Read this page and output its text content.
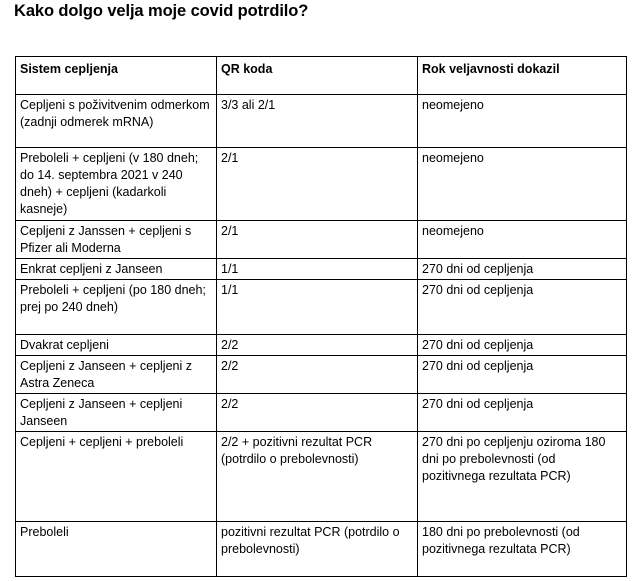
Kako dolgo velja moje covid potrdilo?
Sistem cepljenja	QR koda	Rok veljavnosti dokazil
Cepljeni s poživitvenim odmerkom (zadnji odmerek mRNA)	3/3 ali 2/1	neomejeno
Preboleli + cepljeni (v 180 dneh; do 14. septembra 2021 v 240 dneh) + cepljeni (kadarkoli kasneje)	2/1	neomejeno
Cepljeni z Janssen + cepljeni s Pfizer ali Moderna	2/1	neomejeno
Enkrat cepljeni z Janseen	1/1	270 dni od cepljenja
Preboleli + cepljeni (po 180 dneh; prej po 240 dneh)	1/1	270 dni od cepljenja
Dvakrat cepljeni	2/2	270 dni od cepljenja
Cepljeni z Janseen + cepljeni z Astra Zeneca	2/2	270 dni od cepljenja
Cepljeni z Janseen + cepljeni Janseen	2/2	270 dni od cepljenja
Cepljeni + cepljeni + preboleli	2/2 + pozitivni rezultat PCR (potrdilo o prebolevnosti)	270 dni po cepljenju oziroma 180 dni po prebolevnosti (od pozitivnega rezultata PCR)
Preboleli	pozitivni rezultat PCR (potrdilo o prebolevnosti)	180 dni po prebolevnosti (od pozitivnega rezultata PCR)
